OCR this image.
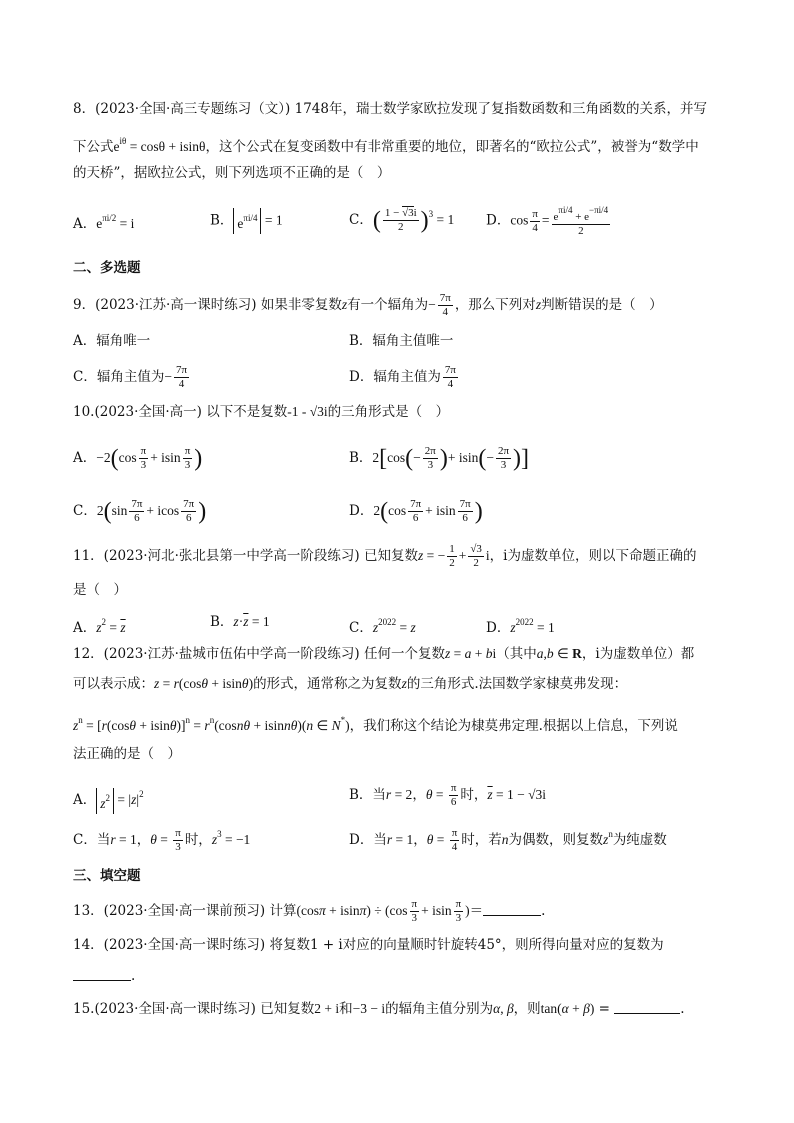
8．(2023·全国·高三专题练习（文）) 1748年，瑞士数学家欧拉发现了复指数函数和三角函数的关系，并写
下公式$e^{i\theta} = \cos\theta + isin\theta$，这个公式在复变函数中有非常重要的地位，即著名的“欧拉公式”，被誉为“数学中
的天桥”，据欧拉公式，则下列选项不正确的是（　）
A．$e^{\pi i/2} = i$	B． $e^{\pi i/4} = 1$	C．( $\frac{1 - √3i}{2} )^3 = 1$ D．$\cos \frac{\pi}{4} = \frac{e^{\pi i/4} + e^{-\pi i/4}}{2}$
二、多选题
9．(2023·江苏·高一课时练习) 如果非零复数z有一个辐角为− $\frac{7\pi}{4}$ ，那么下列对z判断错误的是（　）
A．辐角唯一	B．辐角主值唯一
C．辐角主值为− $\frac{7\pi}{4}$	D．辐角主值为 $\frac{7\pi}{4}$
10.(2023·全国·高一) 以下不是复数-1 - √3i的三角形式是（　）
A．$-2(\cos \frac{\pi}{3} + isin \frac{\pi}{3}$ )	B．$2[\cos(- \frac{2\pi}{3}$ )+ $isin(- \frac{2\pi}{3}$ )]
C．$2(\sin \frac{7\pi}{6} + icos \frac{7\pi}{6}$ )	D．$2(\cos \frac{7\pi}{6} + isin \frac{7\pi}{6}$ )
11．(2023·河北·张北县第一中学高一阶段练习) 已知复数z = − $\frac{1}{2} + \frac{√3}{2}$ i，i为虚数单位，则以下命题正确的
是（　）
A．$z^2 = \overline{z}$	B．$z\cdot\overline{z} = 1$	C．$z^{2022} = z$	D．$z^{2022} = 1$
12．(2023·江苏·盐城市伍佑中学高一阶段练习) 任何一个复数z = a + bi（其中a,b ∈ R，i为虚数单位）都
可以表示成：z = r(cosθ + isinθ)的形式，通常称之为复数z的三角形式.法国数学家棣莫弗发现：
$z^n = [r(\cos\theta + isin\theta)]^n = r^n(\cos n\theta + isinn\theta)(n$ ∈ N*)，我们称这个结论为棣莫弗定理.根据以上信息，下列说
法正确的是（　）
A． $z^2 = |z|^2$	B．当r = 2，$\theta = \frac{\pi}{6}$ 时，$\overline{z} = 1 - √3i$
C．当r = 1，$\theta = \frac{\pi}{3}$ 时，$z^3 = -1$	D．当r = 1，$\theta = \frac{\pi}{4}$ 时，若n为偶数，则复数$z^n$为纯虚数
三、填空题
13．(2023·全国·高一课前预习) 计算$(\cos\pi + isin\pi) \div (\cos \frac{\pi}{3} + isin \frac{\pi}{3}$ )＝	.
14．(2023·全国·高一课时练习) 将复数1 + i对应的向量顺时针旋转45°，则所得向量对应的复数为
.
15.(2023·全国·高一课时练习) 已知复数2 + i和−3 − i的辐角主值分别为α, β，则tan(α + β) =	.
